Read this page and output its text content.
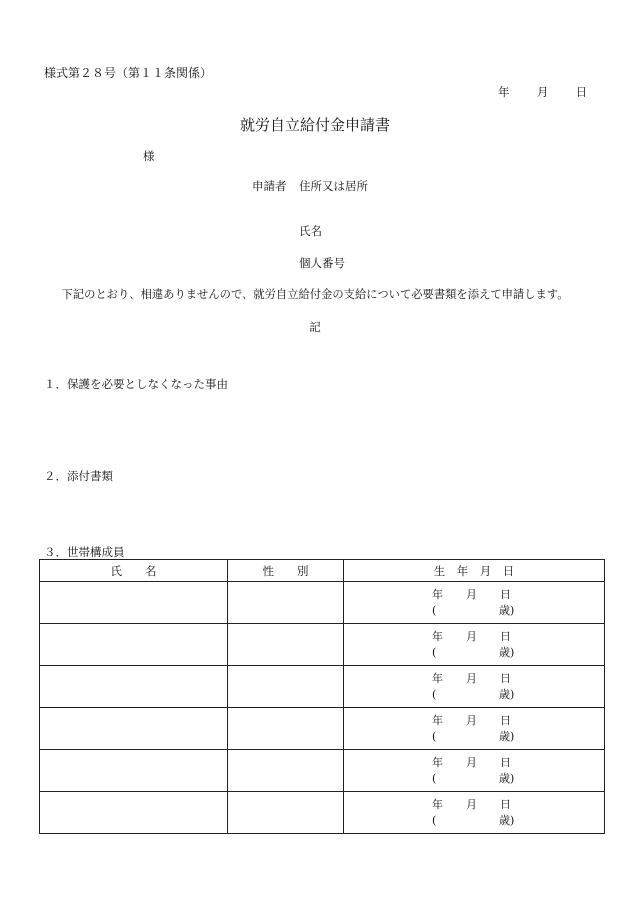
様式第２８号（第１１条関係）
年 月 日
就労自立給付金申請書
様
申請者 住所又は居所
氏名
個人番号
下記のとおり、相違ありませんので、就労自立給付金の支給について必要書類を添えて申請します。
記
１．保護を必要としなくなった事由
２．添付書類
３．世帯構成員
氏　　名	性　　別	生　年　月　日

		年 月 日
( 歳)

		年 月 日
( 歳)

		年 月 日
( 歳)

		年 月 日
( 歳)

		年 月 日
( 歳)

		年 月 日
( 歳)
